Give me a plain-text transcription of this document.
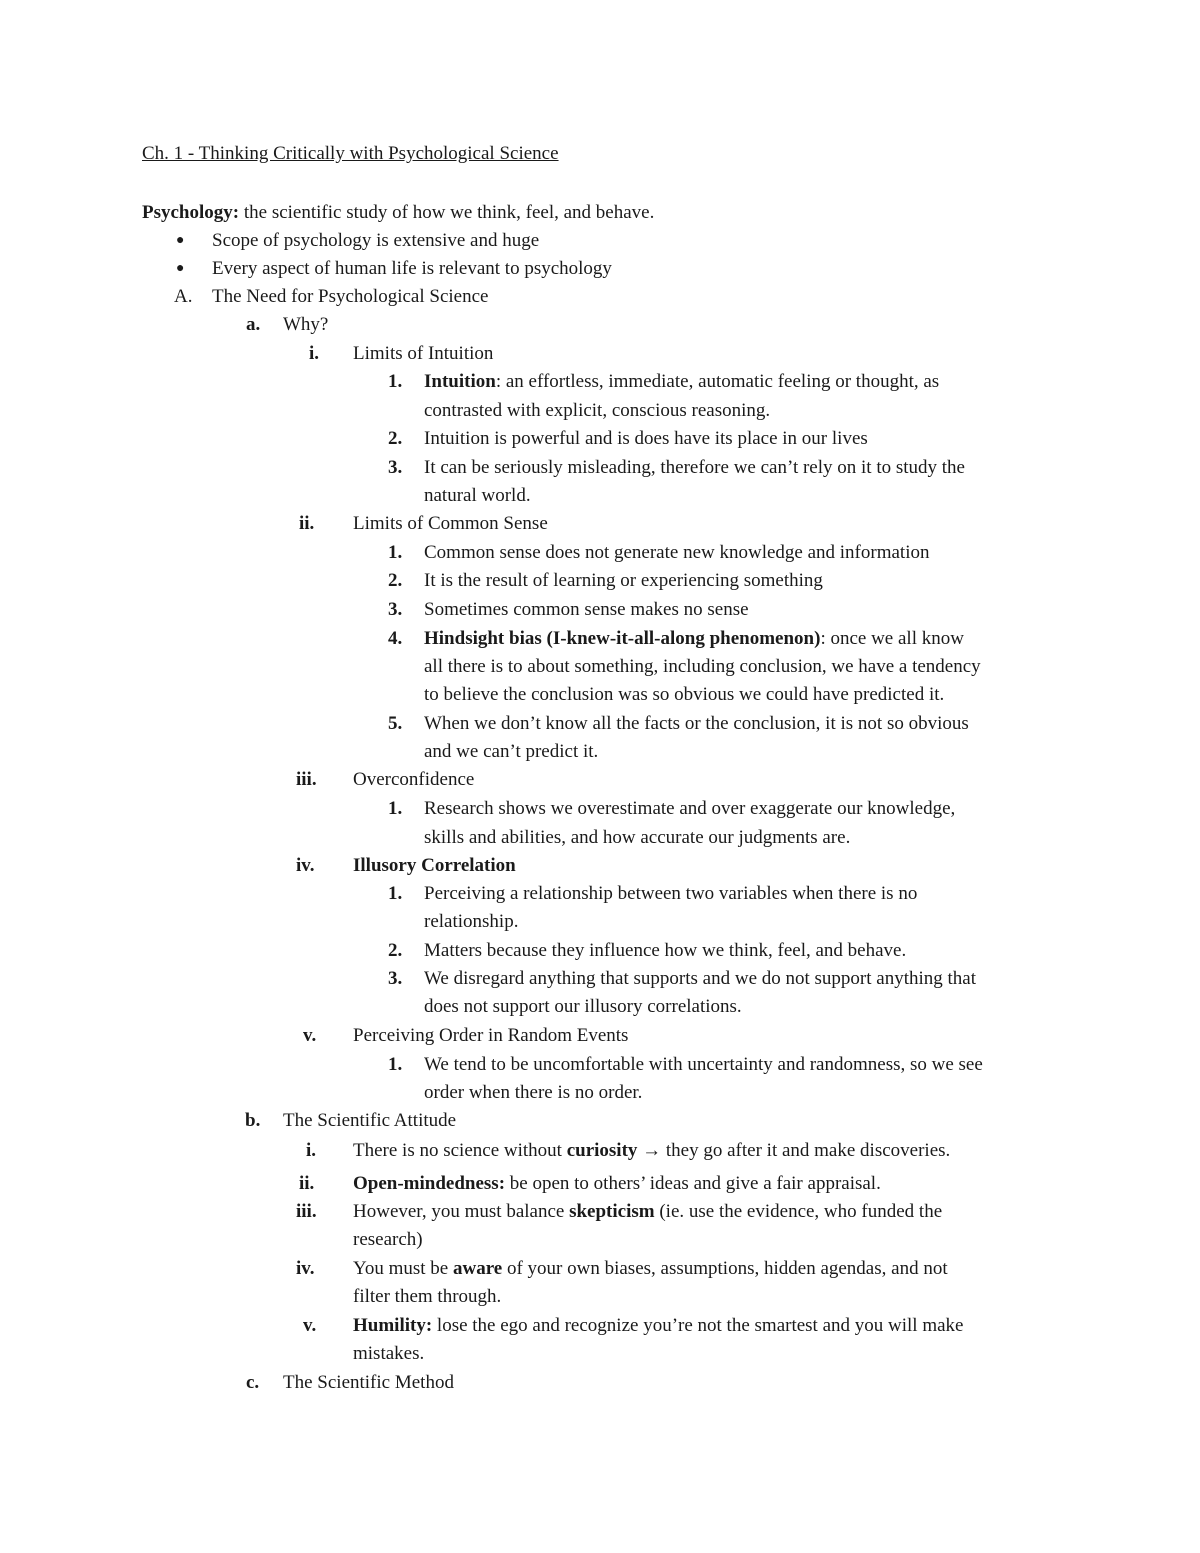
Ch. 1 - Thinking Critically with Psychological Science
Psychology: the scientific study of how we think, feel, and behave.
● Scope of psychology is extensive and huge
● Every aspect of human life is relevant to psychology
A. The Need for Psychological Science
a. Why?
i. Limits of Intuition
1. Intuition: an effortless, immediate, automatic feeling or thought, as
contrasted with explicit, conscious reasoning.
2. Intuition is powerful and is does have its place in our lives
3. It can be seriously misleading, therefore we can’t rely on it to study the
natural world.
ii. Limits of Common Sense
1. Common sense does not generate new knowledge and information
2. It is the result of learning or experiencing something
3. Sometimes common sense makes no sense
4. Hindsight bias (I-knew-it-all-along phenomenon): once we all know
all there is to about something, including conclusion, we have a tendency
to believe the conclusion was so obvious we could have predicted it.
5. When we don’t know all the facts or the conclusion, it is not so obvious
and we can’t predict it.
iii. Overconfidence
1. Research shows we overestimate and over exaggerate our knowledge,
skills and abilities, and how accurate our judgments are.
iv. Illusory Correlation
1. Perceiving a relationship between two variables when there is no
relationship.
2. Matters because they influence how we think, feel, and behave.
3. We disregard anything that supports and we do not support anything that
does not support our illusory correlations.
v. Perceiving Order in Random Events
1. We tend to be uncomfortable with uncertainty and randomness, so we see
order when there is no order.
b. The Scientific Attitude
i. There is no science without curiosity → they go after it and make discoveries.
ii. Open-mindedness: be open to others’ ideas and give a fair appraisal.
iii. However, you must balance skepticism (ie. use the evidence, who funded the
research)
iv. You must be aware of your own biases, assumptions, hidden agendas, and not
filter them through.
v. Humility: lose the ego and recognize you’re not the smartest and you will make
mistakes.
c. The Scientific Method
